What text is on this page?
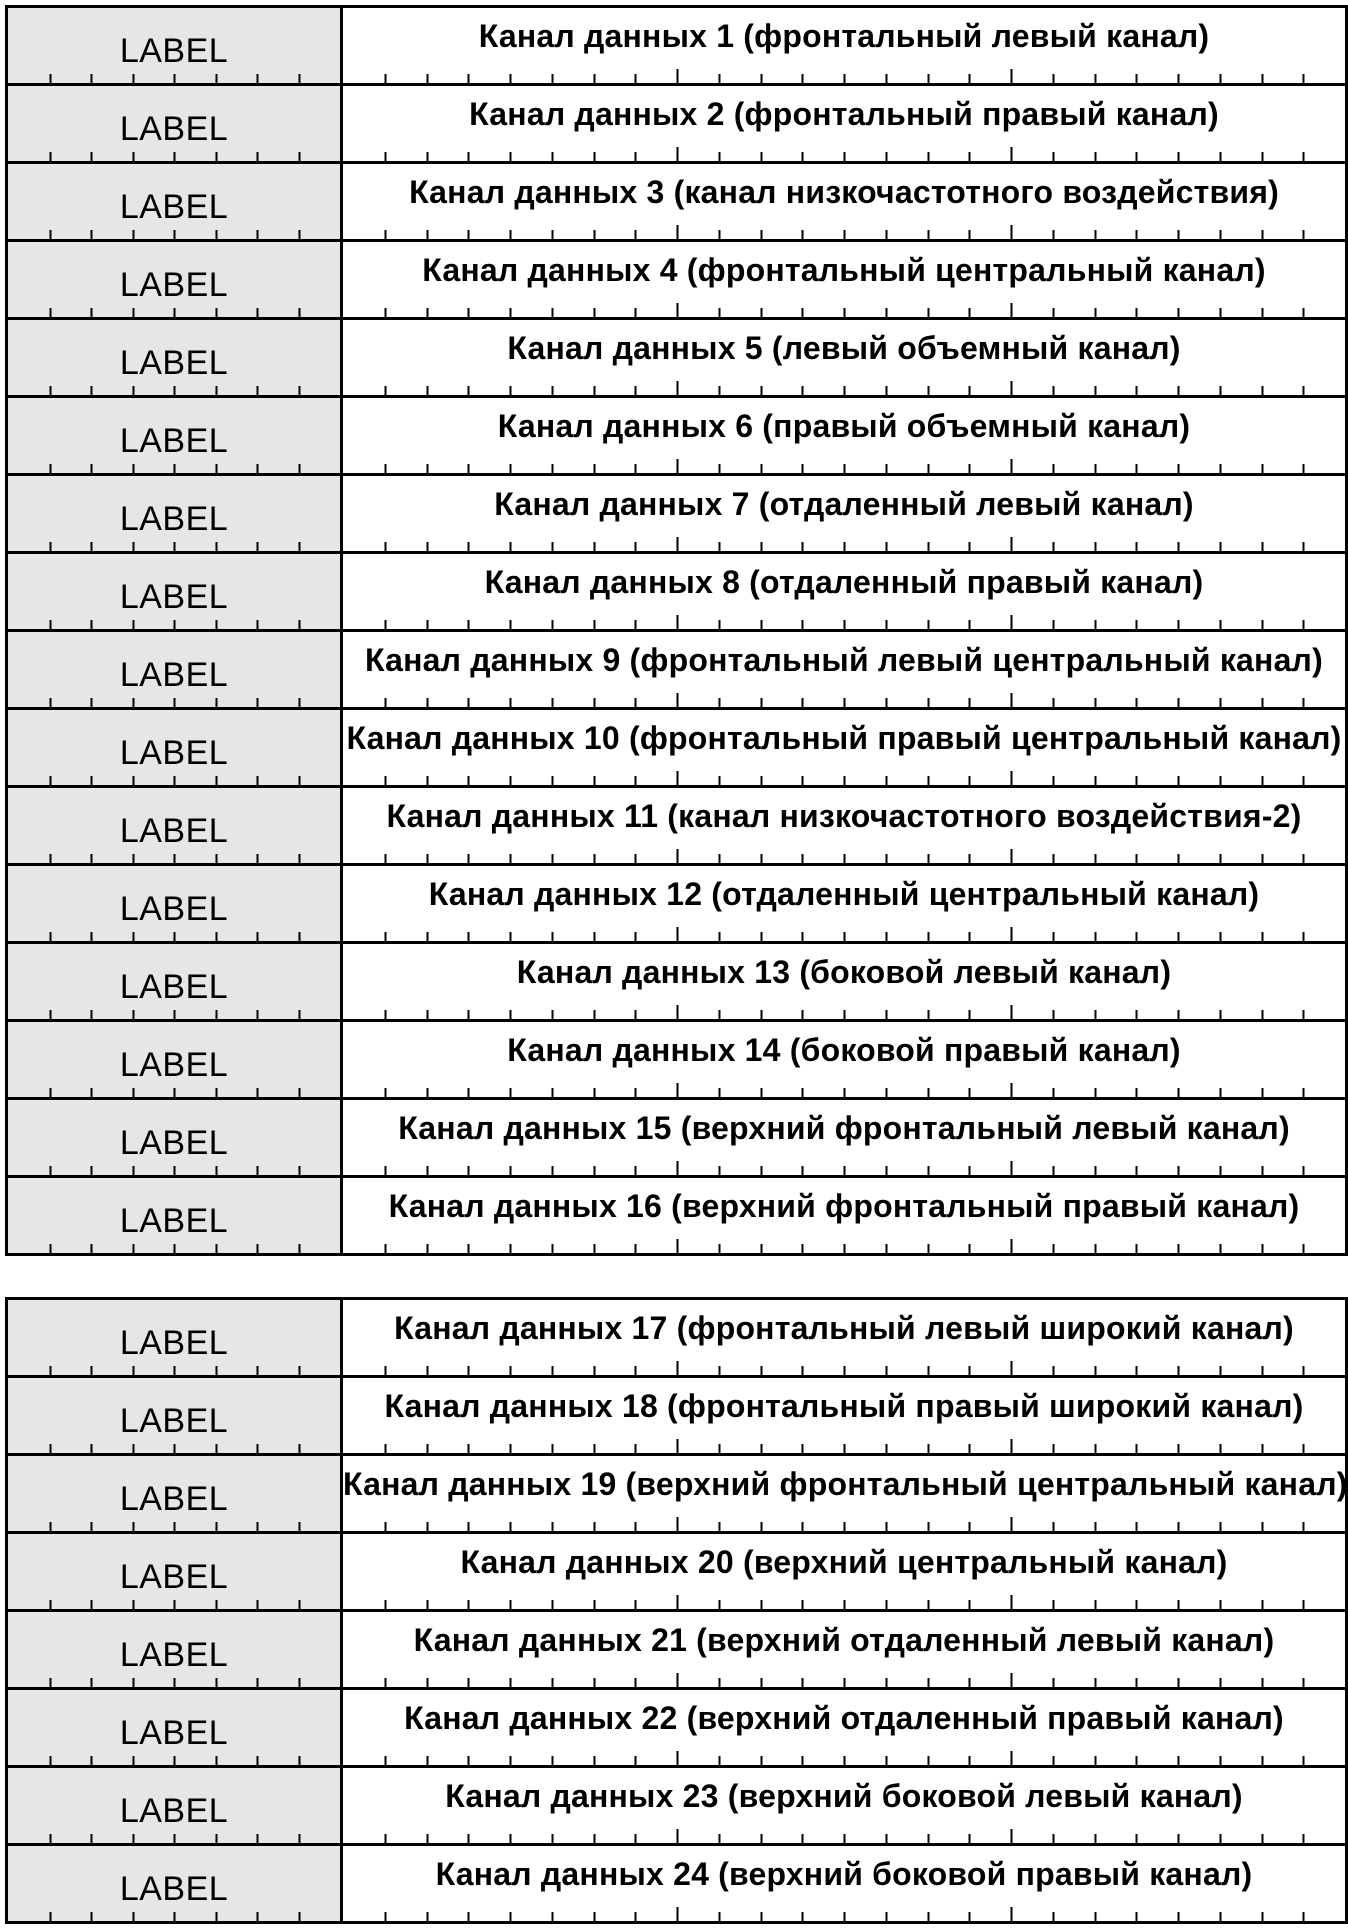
LABEL	Канал данных 1 (фронтальный левый канал)
LABEL	Канал данных 2 (фронтальный правый канал)
LABEL	Канал данных 3 (канал низкочастотного воздействия)
LABEL	Канал данных 4 (фронтальный центральный канал)
LABEL	Канал данных 5 (левый объемный канал)
LABEL	Канал данных 6 (правый объемный канал)
LABEL	Канал данных 7 (отдаленный левый канал)
LABEL	Канал данных 8 (отдаленный правый канал)
LABEL	Канал данных 9 (фронтальный левый центральный канал)
LABEL	Канал данных 10 (фронтальный правый центральный канал)
LABEL	Канал данных 11 (канал низкочастотного воздействия-2)
LABEL	Канал данных 12 (отдаленный центральный канал)
LABEL	Канал данных 13 (боковой левый канал)
LABEL	Канал данных 14 (боковой правый канал)
LABEL	Канал данных 15 (верхний фронтальный левый канал)
LABEL	Канал данных 16 (верхний фронтальный правый канал)
LABEL	Канал данных 17 (фронтальный левый широкий канал)
LABEL	Канал данных 18 (фронтальный правый широкий канал)
LABEL	Канал данных 19 (верхний фронтальный центральный канал)
LABEL	Канал данных 20 (верхний центральный канал)
LABEL	Канал данных 21 (верхний отдаленный левый канал)
LABEL	Канал данных 22 (верхний отдаленный правый канал)
LABEL	Канал данных 23 (верхний боковой левый канал)
LABEL	Канал данных 24 (верхний боковой правый канал)
